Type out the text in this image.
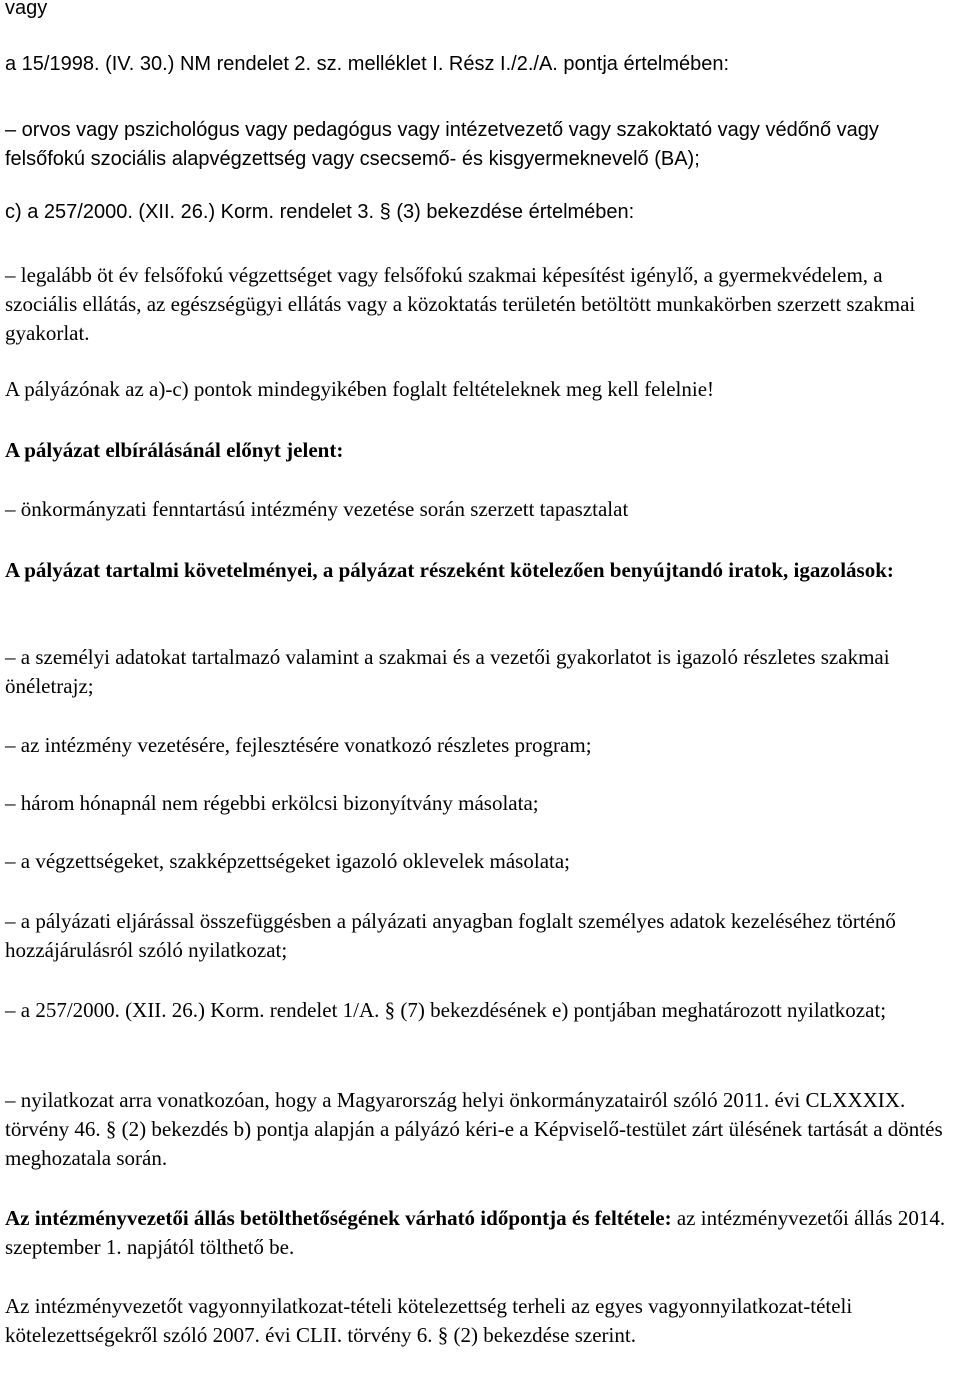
vagy

a 15/1998. (IV. 30.) NM rendelet 2. sz. melléklet I. Rész I./2./A. pontja értelmében:

– orvos vagy pszichológus vagy pedagógus vagy intézetvezető vagy szakoktató vagy védőnő vagy felsőfokú szociális alapvégzettség vagy csecsemő- és kisgyermeknevelő (BA);

c) a 257/2000. (XII. 26.) Korm. rendelet 3. § (3) bekezdése értelmében:

– legalább öt év felsőfokú végzettséget vagy felsőfokú szakmai képesítést igénylő, a gyermekvédelem, a szociális ellátás, az egészségügyi ellátás vagy a közoktatás területén betöltött munkakörben szerzett szakmai gyakorlat.

A pályázónak az a)-c) pontok mindegyikében foglalt feltételeknek meg kell felelnie!

A pályázat elbírálásánál előnyt jelent:

– önkormányzati fenntartású intézmény vezetése során szerzett tapasztalat

A pályázat tartalmi követelményei, a pályázat részeként kötelezően benyújtandó iratok, igazolások:

– a személyi adatokat tartalmazó valamint a szakmai és a vezetői gyakorlatot is igazoló részletes szakmai önéletrajz;

– az intézmény vezetésére, fejlesztésére vonatkozó részletes program;

– három hónapnál nem régebbi erkölcsi bizonyítvány másolata;

– a végzettségeket, szakképzettségeket igazoló oklevelek másolata;

– a pályázati eljárással összefüggésben a pályázati anyagban foglalt személyes adatok kezeléséhez történő hozzájárulásról szóló nyilatkozat;

– a 257/2000. (XII. 26.) Korm. rendelet 1/A. § (7) bekezdésének e) pontjában meghatározott nyilatkozat;

– nyilatkozat arra vonatkozóan, hogy a Magyarország helyi önkormányzatairól szóló 2011. évi CLXXXIX. törvény 46. § (2) bekezdés b) pontja alapján a pályázó kéri-e a Képviselő-testület zárt ülésének tartását a döntés meghozatala során.

Az intézményvezetői állás betölthetőségének várható időpontja és feltétele: az intézményvezetői állás 2014. szeptember 1. napjától tölthető be.

Az intézményvezetőt vagyonnyilatkozat-tételi kötelezettség terheli az egyes vagyonnyilatkozat-tételi kötelezettségekről szóló 2007. évi CLII. törvény 6. § (2) bekezdése szerint.
